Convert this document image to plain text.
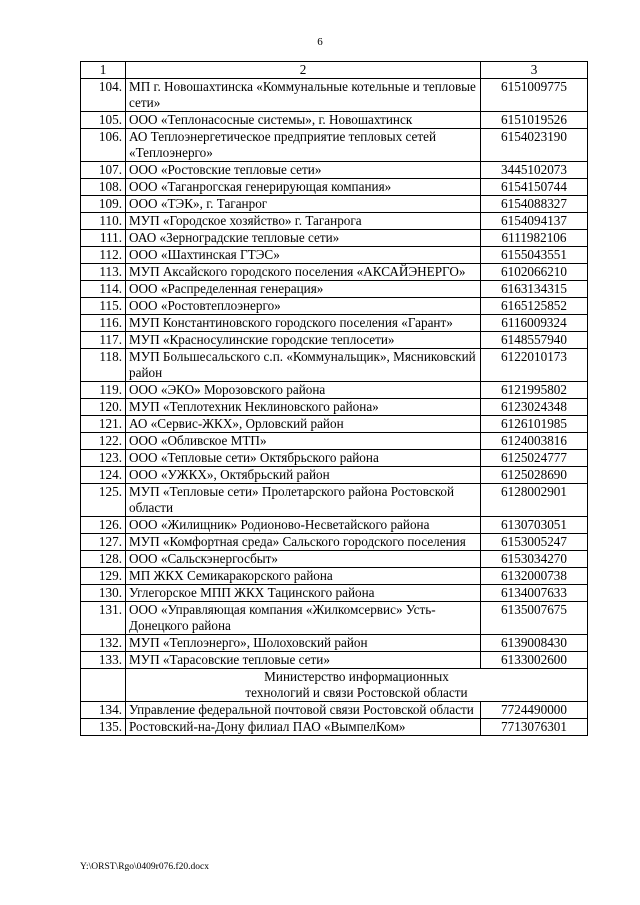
6
1	2	3
104.	МП г. Новошахтинска «Коммунальные котельные и тепловые сети»	6151009775
105.	ООО «Теплонасосные системы», г. Новошахтинск	6151019526
106.	АО Теплоэнергетическое предприятие тепловых сетей «Теплоэнерго»	6154023190
107.	ООО «Ростовские тепловые сети»	3445102073
108.	ООО «Таганрогская генерирующая компания»	6154150744
109.	ООО «ТЭК», г. Таганрог	6154088327
110.	МУП «Городское хозяйство» г. Таганрога	6154094137
111.	ОАО «Зерноградские тепловые сети»	6111982106
112.	ООО «Шахтинская ГТЭС»	6155043551
113.	МУП Аксайского городского поселения «АКСАЙЭНЕРГО»	6102066210
114.	ООО «Распределенная генерация»	6163134315
115.	ООО «Ростовтеплоэнерго»	6165125852
116.	МУП Константиновского городского поселения «Гарант»	6116009324
117.	МУП «Красносулинские городские теплосети»	6148557940
118.	МУП Большесальского с.п. «Коммунальщик», Мясниковский район	6122010173
119.	ООО «ЭКО» Морозовского района	6121995802
120.	МУП «Теплотехник Неклиновского района»	6123024348
121.	АО «Сервис-ЖКХ», Орловский район	6126101985
122.	ООО «Обливское МТП»	6124003816
123.	ООО «Тепловые сети» Октябрьского района	6125024777
124.	ООО «УЖКХ», Октябрьский район	6125028690
125.	МУП «Тепловые сети» Пролетарского района Ростовской области	6128002901
126.	ООО «Жилищник» Родионово-Несветайского района	6130703051
127.	МУП «Комфортная среда» Сальского городского поселения	6153005247
128.	ООО «Сальскэнергосбыт»	6153034270
129.	МП ЖКХ Семикаракорского района	6132000738
130.	Углегорское МПП ЖКХ Тацинского района	6134007633
131.	ООО «Управляющая компания «Жилкомсервис» Усть-Донецкого района	6135007675
132.	МУП «Теплоэнерго», Шолоховский район	6139008430
133.	МУП «Тарасовские тепловые сети»	6133002600
	Министерство информационных
технологий и связи Ростовской области	
134.	Управление федеральной почтовой связи Ростовской области	7724490000
135.	Ростовский-на-Дону филиал ПАО «ВымпелКом»	7713076301
Y:\ORST\Rgo\0409r076.f20.docx
